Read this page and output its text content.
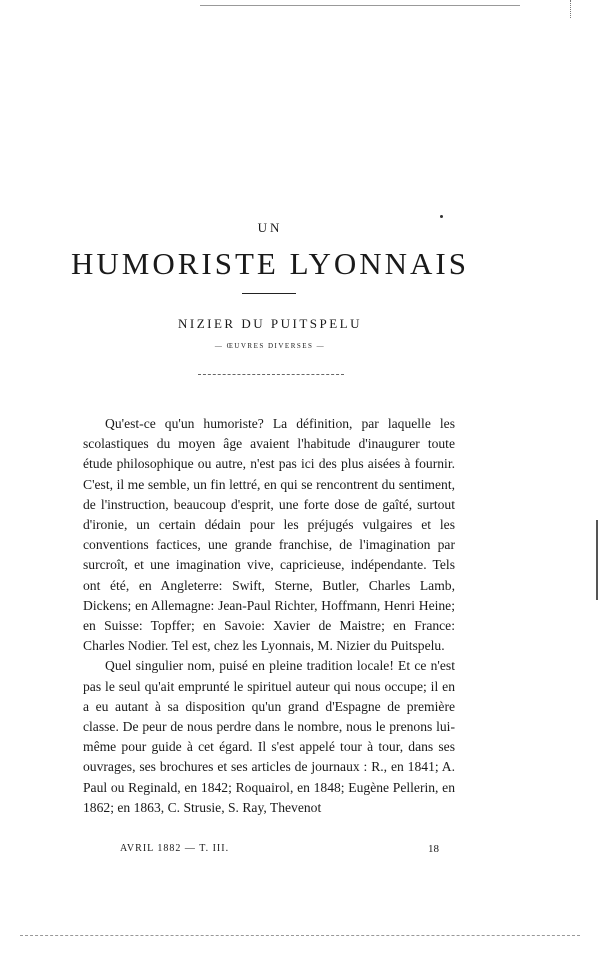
UN
HUMORISTE LYONNAIS
NIZIER DU PUITSPELU
— ŒUVRES DIVERSES —

Qu'est-ce qu'un humoriste? La définition, par laquelle les scolastiques du moyen âge avaient l'habitude d'inaugurer toute étude philosophique ou autre, n'est pas ici des plus aisées à fournir. C'est, il me semble, un fin lettré, en qui se rencontrent du sentiment, de l'instruction, beaucoup d'esprit, une forte dose de gaîté, surtout d'ironie, un certain dédain pour les préjugés vulgaires et les conventions factices, une grande franchise, de l'imagination par surcroît, et une imagination vive, capricieuse, indépendante. Tels ont été, en Angleterre: Swift, Sterne, Butler, Charles Lamb, Dickens; en Allemagne: Jean-Paul Richter, Hoffmann, Henri Heine; en Suisse: Topffer; en Savoie: Xavier de Maistre; en France: Charles Nodier. Tel est, chez les Lyonnais, M. Nizier du Puitspelu.

Quel singulier nom, puisé en pleine tradition locale! Et ce n'est pas le seul qu'ait emprunté le spirituel auteur qui nous occupe; il en a eu autant à sa disposition qu'un grand d'Espagne de première classe. De peur de nous perdre dans le nombre, nous le prenons lui-même pour guide à cet égard. Il s'est appelé tour à tour, dans ses ouvrages, ses brochures et ses articles de journaux : R., en 1841; A. Paul ou Reginald, en 1842; Roquairol, en 1848; Eugène Pellerin, en 1862; en 1863, C. Strusie, S. Ray, Thevenot

AVRIL 1882 — T. III.	18
